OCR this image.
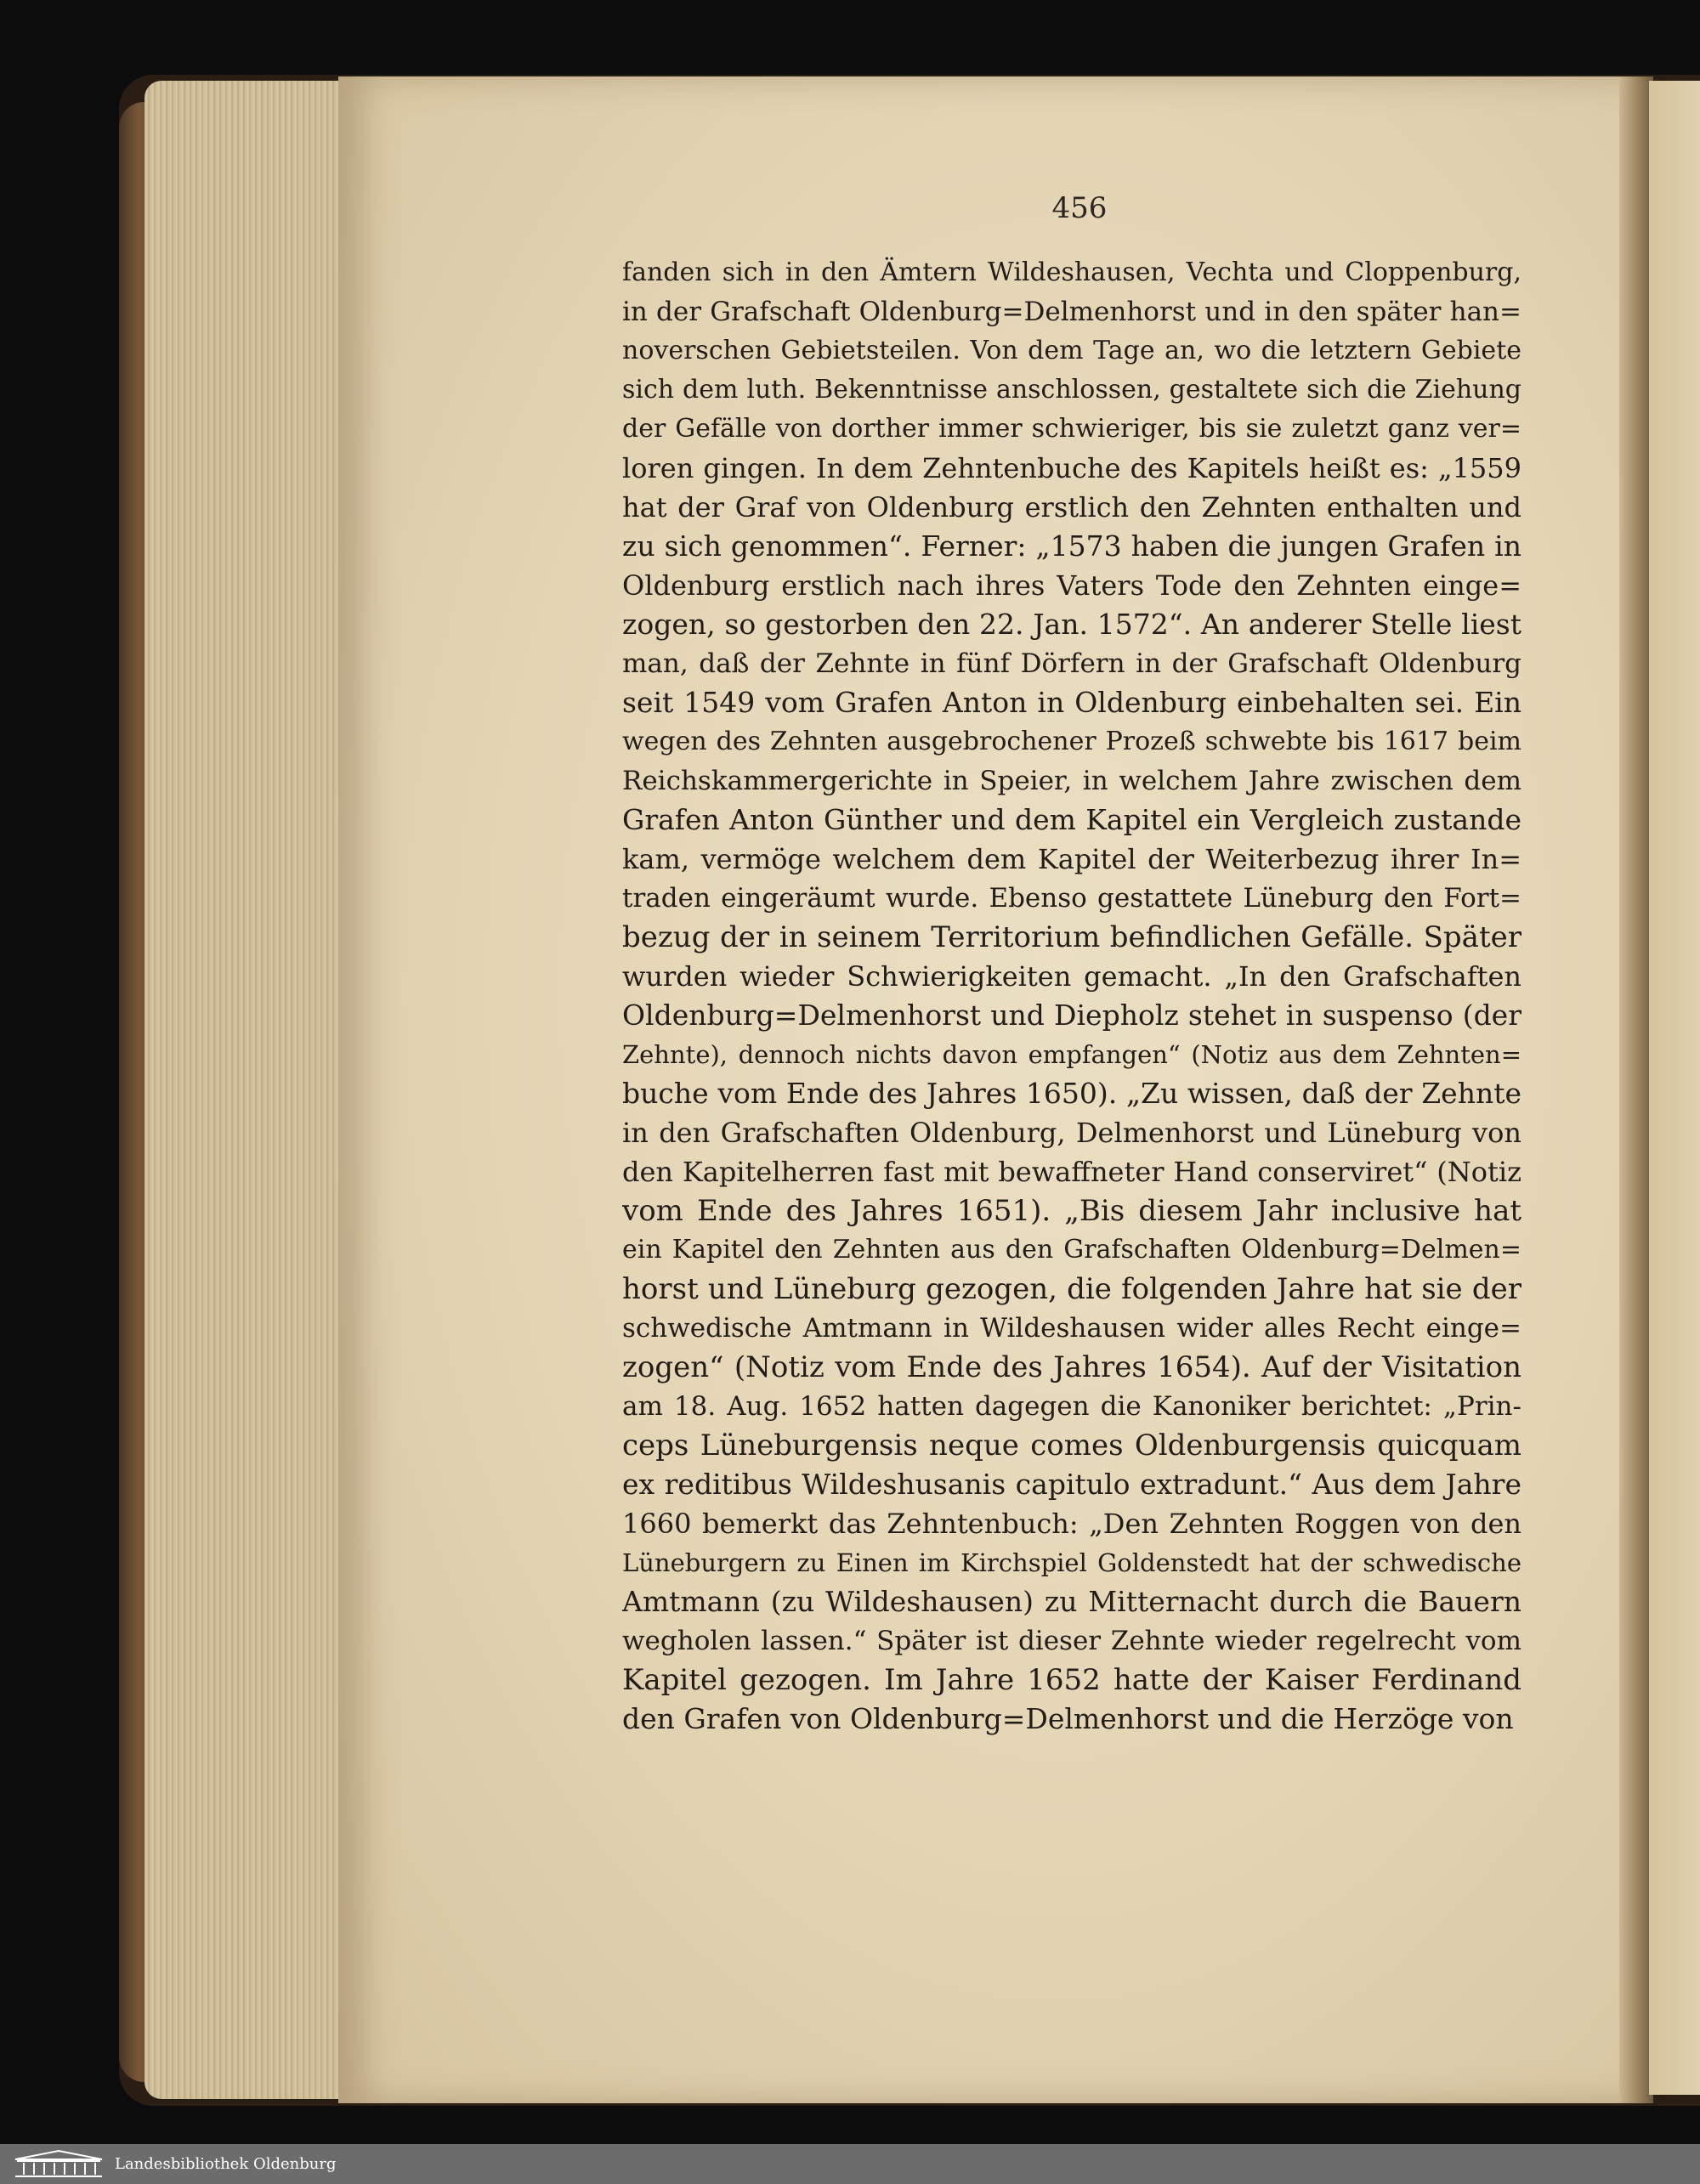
456
fanden sich in den Ämtern Wildeshausen, Vechta und Cloppenburg,
in der Grafschaft Oldenburg=Delmenhorst und in den später han=
noverschen Gebietsteilen. Von dem Tage an, wo die letztern Gebiete
sich dem luth. Bekenntnisse anschlossen, gestaltete sich die Ziehung
der Gefälle von dorther immer schwieriger, bis sie zuletzt ganz ver=
loren gingen. In dem Zehntenbuche des Kapitels heißt es: „1559
hat der Graf von Oldenburg erstlich den Zehnten enthalten und
zu sich genommen“. Ferner: „1573 haben die jungen Grafen in
Oldenburg erstlich nach ihres Vaters Tode den Zehnten einge=
zogen, so gestorben den 22. Jan. 1572“. An anderer Stelle liest
man, daß der Zehnte in fünf Dörfern in der Grafschaft Oldenburg
seit 1549 vom Grafen Anton in Oldenburg einbehalten sei. Ein
wegen des Zehnten ausgebrochener Prozeß schwebte bis 1617 beim
Reichskammergerichte in Speier, in welchem Jahre zwischen dem
Grafen Anton Günther und dem Kapitel ein Vergleich zustande
kam, vermöge welchem dem Kapitel der Weiterbezug ihrer In=
traden eingeräumt wurde. Ebenso gestattete Lüneburg den Fort=
bezug der in seinem Territorium befindlichen Gefälle. Später
wurden wieder Schwierigkeiten gemacht. „In den Grafschaften
Oldenburg=Delmenhorst und Diepholz stehet in suspenso (der
Zehnte), dennoch nichts davon empfangen“ (Notiz aus dem Zehnten=
buche vom Ende des Jahres 1650). „Zu wissen, daß der Zehnte
in den Grafschaften Oldenburg, Delmenhorst und Lüneburg von
den Kapitelherren fast mit bewaffneter Hand conserviret“ (Notiz
vom Ende des Jahres 1651). „Bis diesem Jahr inclusive hat
ein Kapitel den Zehnten aus den Grafschaften Oldenburg=Delmen=
horst und Lüneburg gezogen, die folgenden Jahre hat sie der
schwedische Amtmann in Wildeshausen wider alles Recht einge=
zogen“ (Notiz vom Ende des Jahres 1654). Auf der Visitation
am 18. Aug. 1652 hatten dagegen die Kanoniker berichtet: „Prin-
ceps Lüneburgensis neque comes Oldenburgensis quicquam
ex reditibus Wildeshusanis capitulo extradunt.“ Aus dem Jahre
1660 bemerkt das Zehntenbuch: „Den Zehnten Roggen von den
Lüneburgern zu Einen im Kirchspiel Goldenstedt hat der schwedische
Amtmann (zu Wildeshausen) zu Mitternacht durch die Bauern
wegholen lassen.“ Später ist dieser Zehnte wieder regelrecht vom
Kapitel gezogen. Im Jahre 1652 hatte der Kaiser Ferdinand
den Grafen von Oldenburg=Delmenhorst und die Herzöge von
Landesbibliothek Oldenburg
